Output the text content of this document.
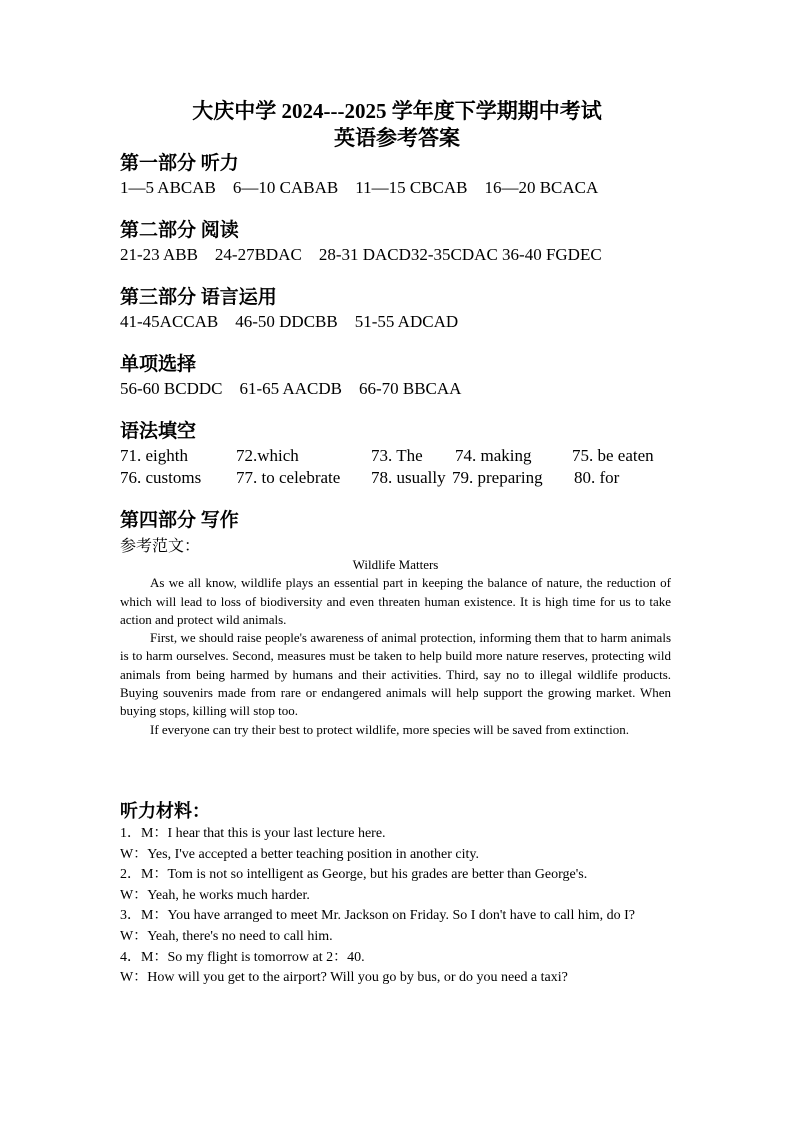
大庆中学 2024---2025 学年度下学期期中考试
英语参考答案
第一部分 听力
1—5 ABCAB    6—10 CABAB    11—15 CBCAB    16—20 BCACA
第二部分 阅读
21-23 ABB    24-27BDAC    28-31 DACD32-35CDAC 36-40 FGDEC
第三部分 语言运用
41-45ACCAB    46-50 DDCBB    51-55 ADCAD
单项选择
56-60 BCDDC    61-65 AACDB    66-70 BBCAA
语法填空
71. eighth	72.which	73. The 74. making 75. be eaten
76. customs 77. to celebrate 78. usually 79. preparing 80. for
第四部分 写作
参考范文：
Wildlife Matters

As we all know, wildlife plays an essential part in keeping the balance of nature, the reduction of which will lead to loss of biodiversity and even threaten human existence. It is high time for us to take action and protect wild animals.

First, we should raise people's awareness of animal protection, informing them that to harm animals is to harm ourselves. Second, measures must be taken to help build more nature reserves, protecting wild animals from being harmed by humans and their activities. Third, say no to illegal wildlife products. Buying souvenirs made from rare or endangered animals will help support the growing market. When buying stops, killing will stop too.

If everyone can try their best to protect wildlife, more species will be saved from extinction.

听力材料：

1．M：I hear that this is your last lecture here.

W：Yes, I've accepted a better teaching position in another city.

2．M：Tom is not so intelligent as George, but his grades are better than George's.

W：Yeah, he works much harder.

3．M：You have arranged to meet Mr. Jackson on Friday. So I don't have to call him, do I?

W：Yeah, there's no need to call him.

4．M：So my flight is tomorrow at 2：40.

W：How will you get to the airport? Will you go by bus, or do you need a taxi?
